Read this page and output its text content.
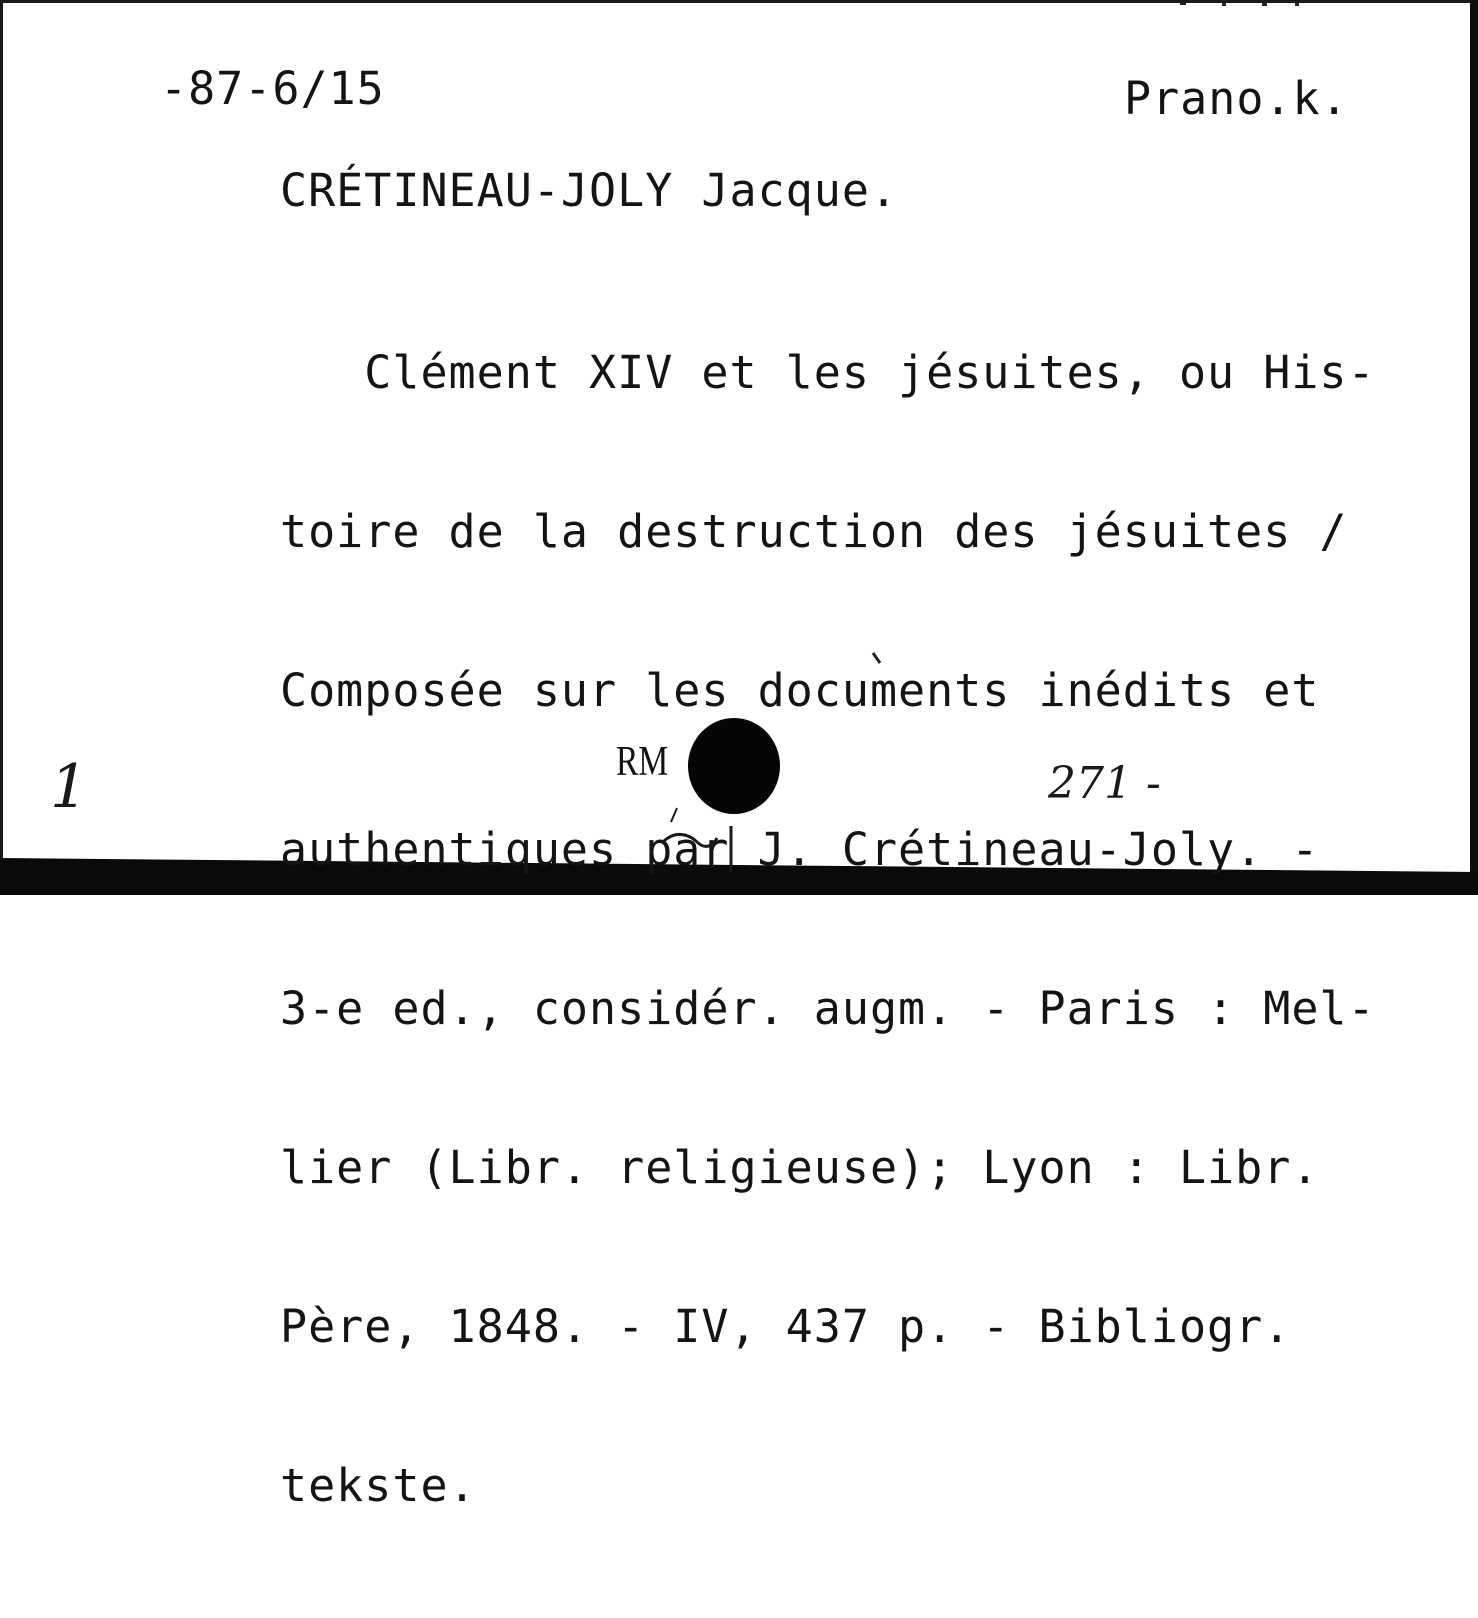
-87-6/15	Prano.k.
CRÉTINEAU-JOLY Jacque.

Clément XIV et les jésuites, ou His-

toire de la destruction des jésuites /

Composée sur les documents inédits et

authentiques par J. Crétineau-Joly. -

3-e ed., considér. augm. - Paris : Mel-

lier (Libr. religieuse); Lyon : Libr.

Père, 1848. - IV, 437 p. - Bibliogr.

tekste.

1	RM	271 -
